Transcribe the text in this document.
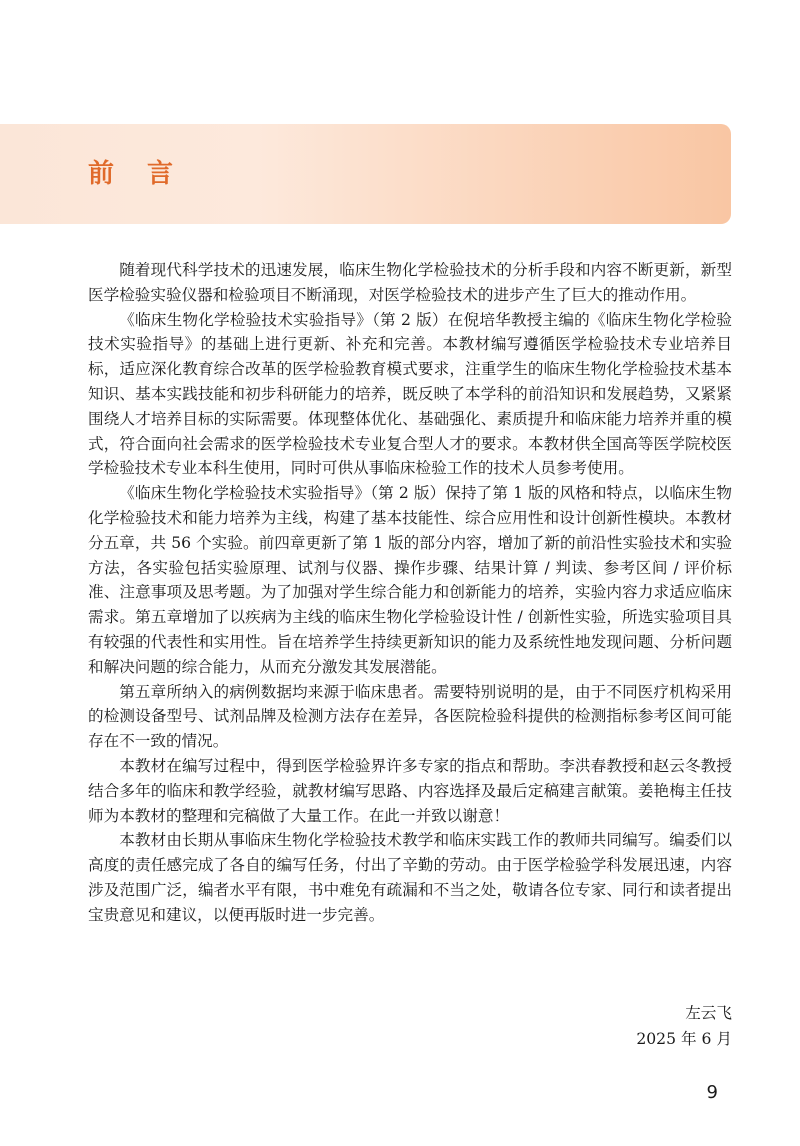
前 言

随着现代科学技术的迅速发展，临床生物化学检验技术的分析手段和内容不断更新，新型医学检验实验仪器和检验项目不断涌现，对医学检验技术的进步产生了巨大的推动作用。

《临床生物化学检验技术实验指导》（第 2 版）在倪培华教授主编的《临床生物化学检验技术实验指导》的基础上进行更新、补充和完善。本教材编写遵循医学检验技术专业培养目标，适应深化教育综合改革的医学检验教育模式要求，注重学生的临床生物化学检验技术基本知识、基本实践技能和初步科研能力的培养，既反映了本学科的前沿知识和发展趋势，又紧紧围绕人才培养目标的实际需要。体现整体优化、基础强化、素质提升和临床能力培养并重的模式，符合面向社会需求的医学检验技术专业复合型人才的要求。本教材供全国高等医学院校医学检验技术专业本科生使用，同时可供从事临床检验工作的技术人员参考使用。

《临床生物化学检验技术实验指导》（第 2 版）保持了第 1 版的风格和特点，以临床生物化学检验技术和能力培养为主线，构建了基本技能性、综合应用性和设计创新性模块。本教材分五章，共 56 个实验。前四章更新了第 1 版的部分内容，增加了新的前沿性实验技术和实验方法，各实验包括实验原理、试剂与仪器、操作步骤、结果计算 / 判读、参考区间 / 评价标准、注意事项及思考题。为了加强对学生综合能力和创新能力的培养，实验内容力求适应临床需求。第五章增加了以疾病为主线的临床生物化学检验设计性 / 创新性实验，所选实验项目具有较强的代表性和实用性。旨在培养学生持续更新知识的能力及系统性地发现问题、分析问题和解决问题的综合能力，从而充分激发其发展潜能。

第五章所纳入的病例数据均来源于临床患者。需要特别说明的是，由于不同医疗机构采用的检测设备型号、试剂品牌及检测方法存在差异，各医院检验科提供的检测指标参考区间可能存在不一致的情况。

本教材在编写过程中，得到医学检验界许多专家的指点和帮助。李洪春教授和赵云冬教授结合多年的临床和教学经验，就教材编写思路、内容选择及最后定稿建言献策。姜艳梅主任技师为本教材的整理和完稿做了大量工作。在此一并致以谢意！

本教材由长期从事临床生物化学检验技术教学和临床实践工作的教师共同编写。编委们以高度的责任感完成了各自的编写任务，付出了辛勤的劳动。由于医学检验学科发展迅速，内容涉及范围广泛，编者水平有限，书中难免有疏漏和不当之处，敬请各位专家、同行和读者提出宝贵意见和建议，以便再版时进一步完善。

左云飞
2025 年 6 月
9
